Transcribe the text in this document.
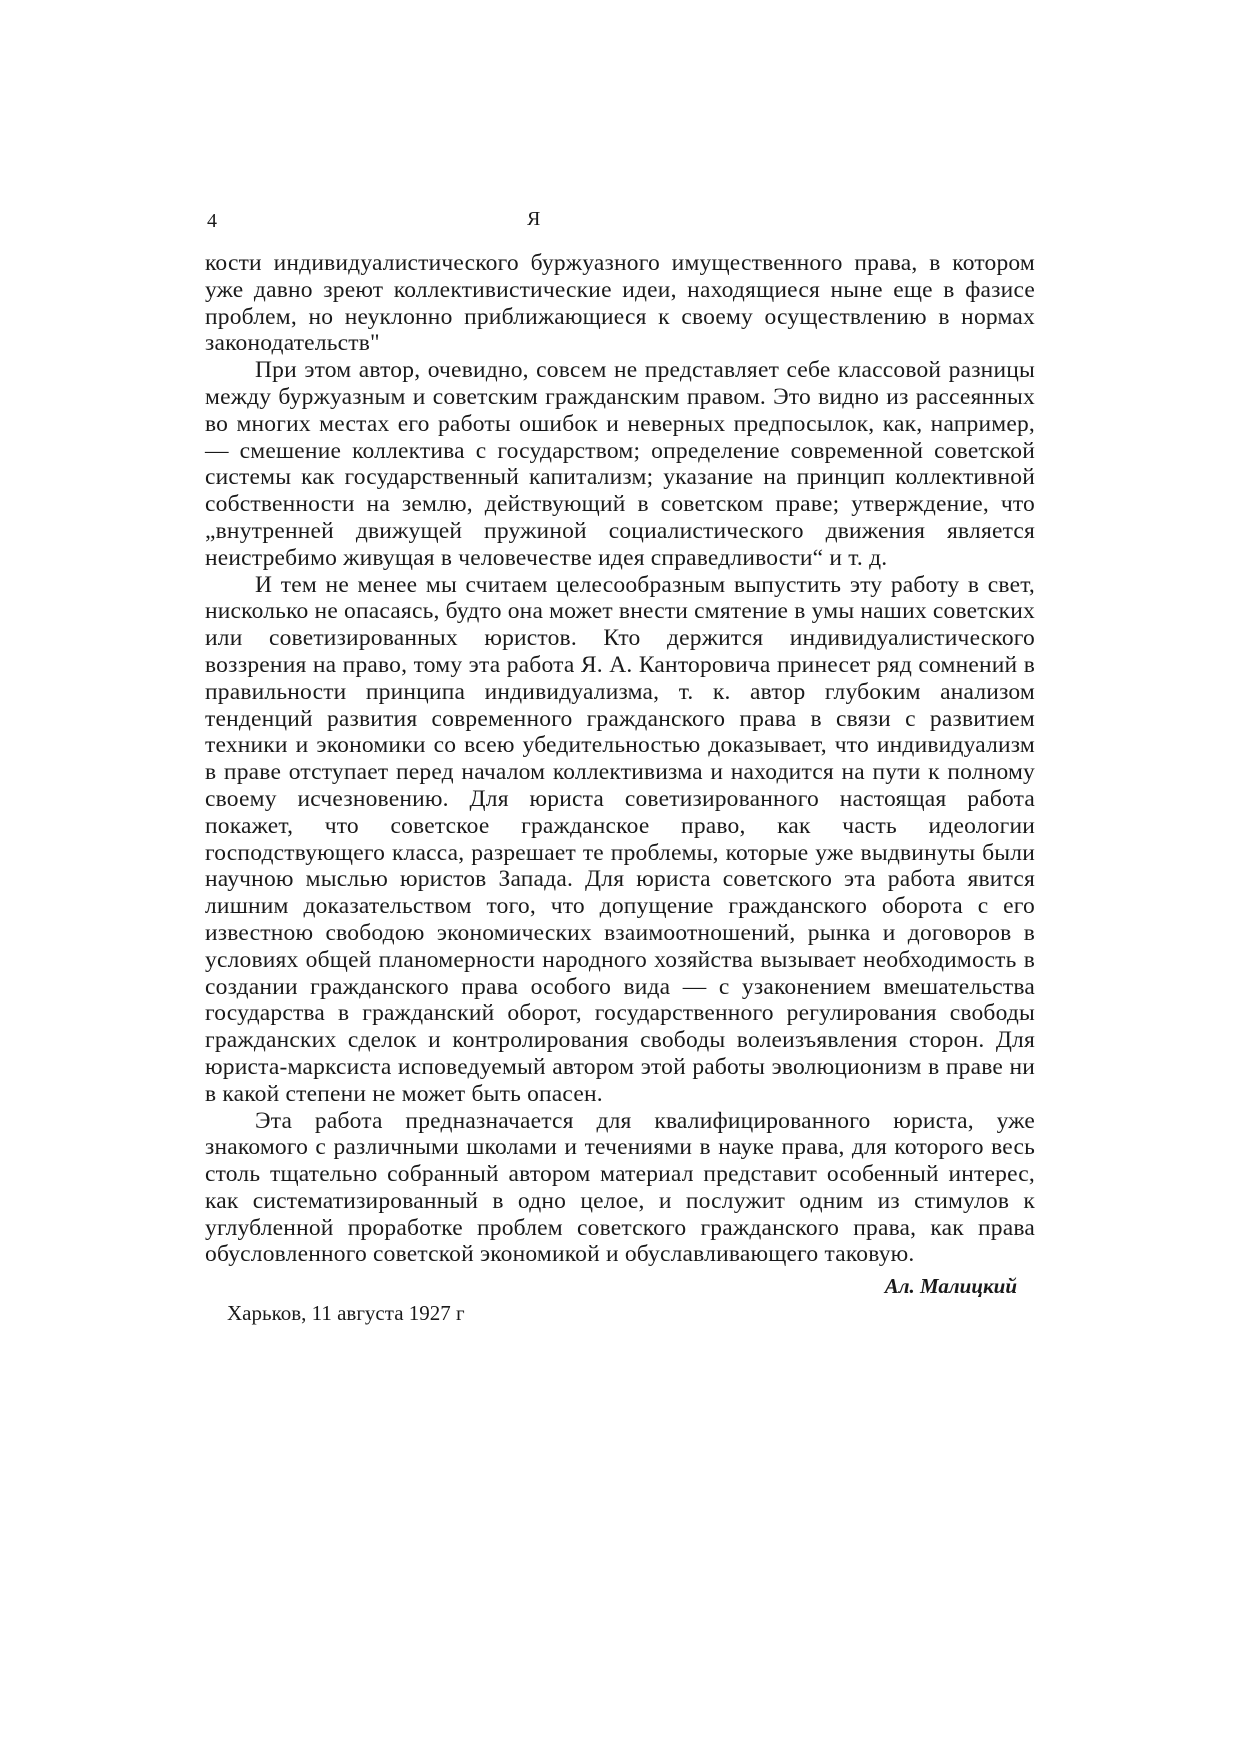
4	Я

кости индивидуалистического буржуазного имущественного права, в котором уже давно зреют коллективистические идеи, находящиеся ныне еще в фазисе проблем, но неуклонно приближающиеся к своему осуществлению в нормах законодательств"

При этом автор, очевидно, совсем не представляет себе классовой разницы между буржуазным и советским гражданским правом. Это видно из рассеянных во многих местах его работы ошибок и неверных предпосылок, как, например, — смешение коллектива с государством; определение современной советской системы как государственный капитализм; указание на принцип коллективной собственности на землю, действующий в советском праве; утверждение, что „внутренней движущей пружиной социалистического движения является неистребимо живущая в человечестве идея справедливости“ и т. д.

И тем не менее мы считаем целесообразным выпустить эту работу в свет, нисколько не опасаясь, будто она может внести смятение в умы наших советских или советизированных юристов. Кто держится индивидуалистического воззрения на право, тому эта работа Я. А. Канторовича принесет ряд сомнений в правильности принципа индивидуализма, т. к. автор глубоким анализом тенденций развития современного гражданского права в связи с развитием техники и экономики со всею убедительностью доказывает, что индивидуализм в праве отступает перед началом коллективизма и находится на пути к полному своему исчезновению. Для юриста советизированного настоящая работа покажет, что советское гражданское право, как часть идеологии господствующего класса, разрешает те проблемы, которые уже выдвинуты были научною мыслью юристов Запада. Для юриста советского эта работа явится лишним доказательством того, что допущение гражданского оборота с его известною свободою экономических взаимоотношений, рынка и договоров в условиях общей планомерности народного хозяйства вызывает необходимость в создании гражданского права особого вида — с узаконением вмешательства государства в гражданский оборот, государственного регулирования свободы гражданских сделок и контролирования свободы волеизъявления сторон. Для юриста-марксиста исповедуемый автором этой работы эволюционизм в праве ни в какой степени не может быть опасен.

Эта работа предназначается для квалифицированного юриста, уже знакомого с различными школами и течениями в науке права, для которого весь столь тщательно собранный автором материал представит особенный интерес, как систематизированный в одно целое, и послужит одним из стимулов к углубленной проработке проблем советского гражданского права, как права обусловленного советской экономикой и обуславливающего таковую.

Ал. Малицкий
Харьков, 11 августа 1927 г
